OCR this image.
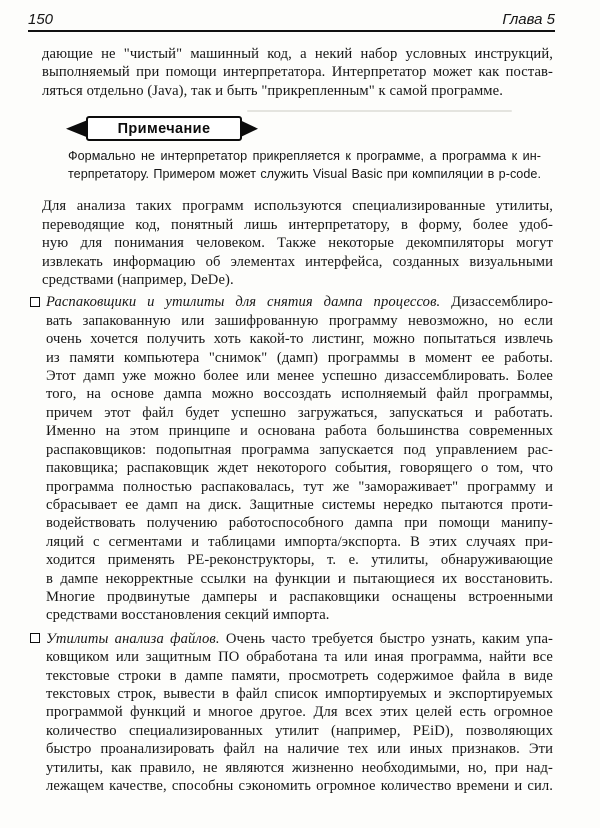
150	Глава 5
дающие не "чистый" машинный код, а некий набор условных инструкций,
выполняемый при помощи интерпретатора. Интерпретатор может как постав-
ляться отдельно (Java), так и быть "прикрепленным" к самой программе.
Примечание
Формально не интерпретатор прикрепляется к программе, а программа к ин-
терпретатору. Примером может служить Visual Basic при компиляции в p-code.
Для анализа таких программ используются специализированные утилиты,
переводящие код, понятный лишь интерпретатору, в форму, более удоб-
ную для понимания человеком. Также некоторые декомпиляторы могут
извлекать информацию об элементах интерфейса, созданных визуальными
средствами (например, DeDe).
Распаковщики и утилиты для снятия дампа процессов. Дизассемблиро-
вать запакованную или зашифрованную программу невозможно, но если
очень хочется получить хоть какой-то листинг, можно попытаться извлечь
из памяти компьютера "снимок" (дамп) программы в момент ее работы.
Этот дамп уже можно более или менее успешно дизассемблировать. Более
того, на основе дампа можно воссоздать исполняемый файл программы,
причем этот файл будет успешно загружаться, запускаться и работать.
Именно на этом принципе и основана работа большинства современных
распаковщиков: подопытная программа запускается под управлением рас-
паковщика; распаковщик ждет некоторого события, говорящего о том, что
программа полностью распаковалась, тут же "замораживает" программу и
сбрасывает ее дамп на диск. Защитные системы нередко пытаются проти-
водействовать получению работоспособного дампа при помощи манипу-
ляций с сегментами и таблицами импорта/экспорта. В этих случаях при-
ходится применять PE-реконструкторы, т. е. утилиты, обнаруживающие
в дампе некорректные ссылки на функции и пытающиеся их восстановить.
Многие продвинутые дамперы и распаковщики оснащены встроенными
средствами восстановления секций импорта.
Утилиты анализа файлов. Очень часто требуется быстро узнать, каким упа-
ковщиком или защитным ПО обработана та или иная программа, найти все
текстовые строки в дампе памяти, просмотреть содержимое файла в виде
текстовых строк, вывести в файл список импортируемых и экспортируемых
программой функций и многое другое. Для всех этих целей есть огромное
количество специализированных утилит (например, PEiD), позволяющих
быстро проанализировать файл на наличие тех или иных признаков. Эти
утилиты, как правило, не являются жизненно необходимыми, но, при над-
лежащем качестве, способны сэкономить огромное количество времени и сил.
